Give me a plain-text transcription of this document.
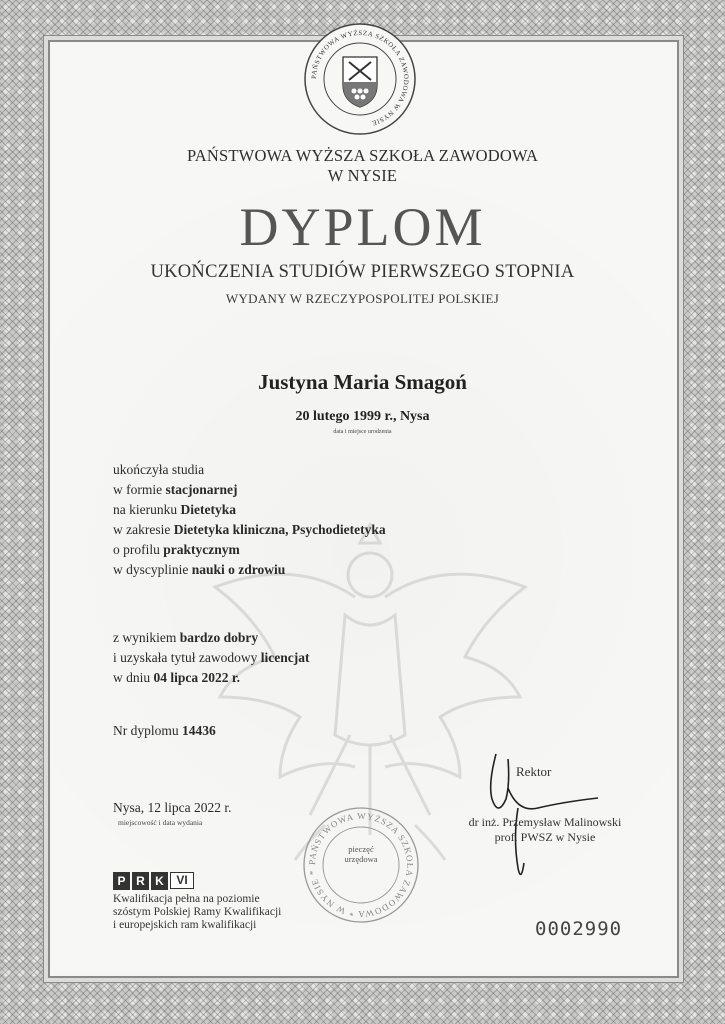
PAŃSTWOWA WYŻSZA SZKOŁA ZAWODOWA W NYSIE
PAŃSTWOWA WYŻSZA SZKOŁA ZAWODOWA
W NYSIE
DYPLOM
UKOŃCZENIA STUDIÓW PIERWSZEGO STOPNIA
WYDANY W RZECZYPOSPOLITEJ POLSKIEJ
Justyna Maria Smagoń
20 lutego 1999 r., Nysa
data i miejsce urodzenia
ukończyła studia
w formie stacjonarnej
na kierunku Dietetyka
w zakresie Dietetyka kliniczna, Psychodietetyka
o profilu praktycznym
w dyscyplinie nauki o zdrowiu
z wynikiem bardzo dobry
i uzyskała tytuł zawodowy licencjat
w dniu 04 lipca 2022 r.
Nr dyplomu 14436
Nysa, 12 lipca 2022 r.
miejscowość i data wydania
PAŃSTWOWA WYŻSZA SZKOŁA ZAWODOWA * W NYSIE *
pieczęć
urzędowa
Rektor
dr inż. Przemysław Malinowski
prof. PWSZ w Nysie
P R K	VI
Kwalifikacja pełna na poziomie
szóstym Polskiej Ramy Kwalifikacji
i europejskich ram kwalifikacji	0002990
